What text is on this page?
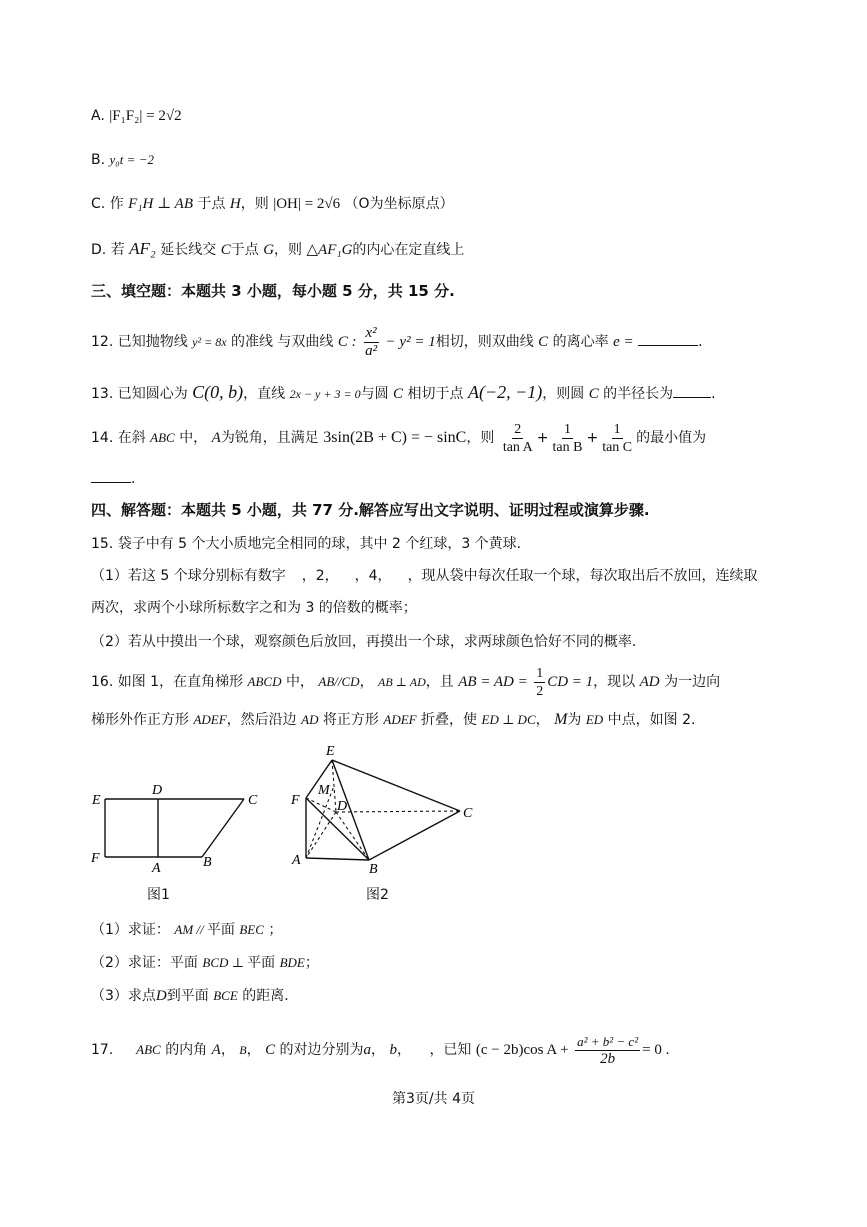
A. |F₁F₂| = 2√2
B. y₀t = −2
C. 作 F₁H ⊥ AB 于点 H，则 |OH| = 2√6 （O为坐标原点）
D. 若 AF₂ 延长线交 C于点 G，则 △AF₁G的内心在定直线上
三、填空题：本题共 3 小题，每小题 5 分，共 15 分.
12. 已知抛物线 y² = 8x 的准线 与双曲线 C : $\frac{\text{x²}}{\text{a²}} - y^2 = 1$相切，则双曲线 C 的离心率 e =	.
13. 已知圆心为 C(0, b)，直线 2x − y + 3 = 0与圆 C 相切于点 A(−2, −1)，则圆 C 的半径长为	.
14. 在斜 ABC 中， A为锐角，且满足 3sin(2B + C) = − sinC，则 $\frac{2}{\text{tan A}} + \frac{1}{\text{tan B}} + \frac{1}{\text{tan C}}$ 的最小值为
.
四、解答题：本题共 5 小题，共 77 分.解答应写出文字说明、证明过程或演算步骤.
15. 袋子中有 5 个大小质地完全相同的球，其中 2 个红球，3 个黄球.
（1）若这 5 个球分别标有数字 ，2， ，4， ，现从袋中每次任取一个球，每次取出后不放回，连续取
两次，求两个小球所标数字之和为 3 的倍数的概率；
（2）若从中摸出一个球，观察颜色后放回，再摸出一个球，求两球颜色恰好不同的概率.
16. 如图 1，在直角梯形 ABCD 中， AB//CD， AB ⊥ AD，且 AB = AD = $\frac{1}{2}$ CD = 1，现以 AD 为一边向
梯形外作正方形 ADEF，然后沿边 AD 将正方形 ADEF 折叠，使 ED ⊥ DC， M为 ED 中点，如图 2.
E
D
C
F
A	B
图1
E
M
F	D	C
A
B
图2
（1）求证： AM // 平面 BEC ；
（2）求证：平面 BCD ⊥ 平面 BDE；
（3）求点D到平面 BCE 的距离.
17. ABC 的内角 A， B， C 的对边分别为a， b， ，已知 (c − 2b)cos $A + \frac{\text{a² + b² − c²}}{2b} = 0$ .
第3页/共 4页
